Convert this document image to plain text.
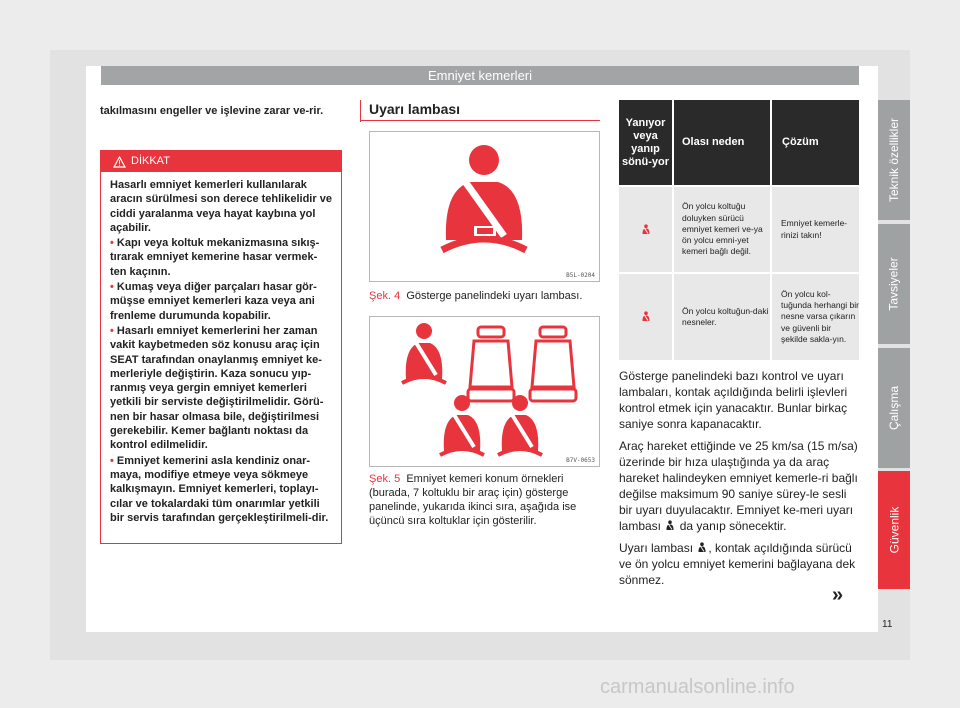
Emniyet kemerleri

takılmasını engeller ve işlevine zarar ve-rir.

DİKKAT

Hasarlı emniyet kemerleri kullanılarak aracın sürülmesi son derece tehlikelidir ve ciddi yaralanma veya hayat kaybına yol açabilir.

• Kapı veya koltuk mekanizmasına sıkış-tırarak emniyet kemerine hasar vermek-ten kaçının.

• Kumaş veya diğer parçaları hasar gör-müşse emniyet kemerleri kaza veya ani frenleme durumunda kopabilir.

• Hasarlı emniyet kemerlerini her zaman vakit kaybetmeden söz konusu araç için SEAT tarafından onaylanmış emniyet ke-merleriyle değiştirin. Kaza sonucu yıp-ranmış veya gergin emniyet kemerleri yetkili bir serviste değiştirilmelidir. Görü-nen bir hasar olmasa bile, değiştirilmesi gerekebilir. Kemer bağlantı noktası da kontrol edilmelidir.

• Emniyet kemerini asla kendiniz onar-maya, modifiye etmeye veya sökmeye kalkışmayın. Emniyet kemerleri, toplayı-cılar ve tokalardaki tüm onarımlar yetkili bir servis tarafından gerçekleştirilmeli-dir.

Uyarı lambası
B5L-0204
Şek. 4 Gösterge panelindeki uyarı lambası.
B7V-0653
Şek. 5 Emniyet kemeri konum örnekleri (burada, 7 koltuklu bir araç için) gösterge panelinde, yukarıda ikinci sıra, aşağıda ise üçüncü sıra koltuklar için gösterilir.
Yanıyor veya yanıp sönü-yor
Olası neden	Çözüm
Ön yolcu koltuğu doluyken sürücü emniyet kemeri ve-ya ön yolcu emni-yet kemeri bağlı değil.
Emniyet kemerle-rinizi takın!
Ön yolcu koltuğun-daki nesneler.
Ön yolcu kol-tuğunda herhangi bir nesne varsa çıkarın ve güvenli bir şekilde sakla-yın.

Gösterge panelindeki bazı kontrol ve uyarı lambaları, kontak açıldığında belirli işlevleri kontrol etmek için yanacaktır. Bunlar birkaç saniye sonra kapanacaktır.

Araç hareket ettiğinde ve 25 km/sa (15 m/sa) üzerinde bir hıza ulaştığında ya da araç hareket halindeyken emniyet kemerle-ri bağlı değilse maksimum 90 saniye sürey-le sesli bir uyarı duyulacaktır. Emniyet ke-meri uyarı lambası da yanıp sönecektir.

Uyarı lambası , kontak açıldığında sürücü ve ön yolcu emniyet kemerini bağlayana dek sönmez.

»
Teknik özellikler
Tavsiyeler
Çalışma
Güvenlik
11
carmanualsonline.info
